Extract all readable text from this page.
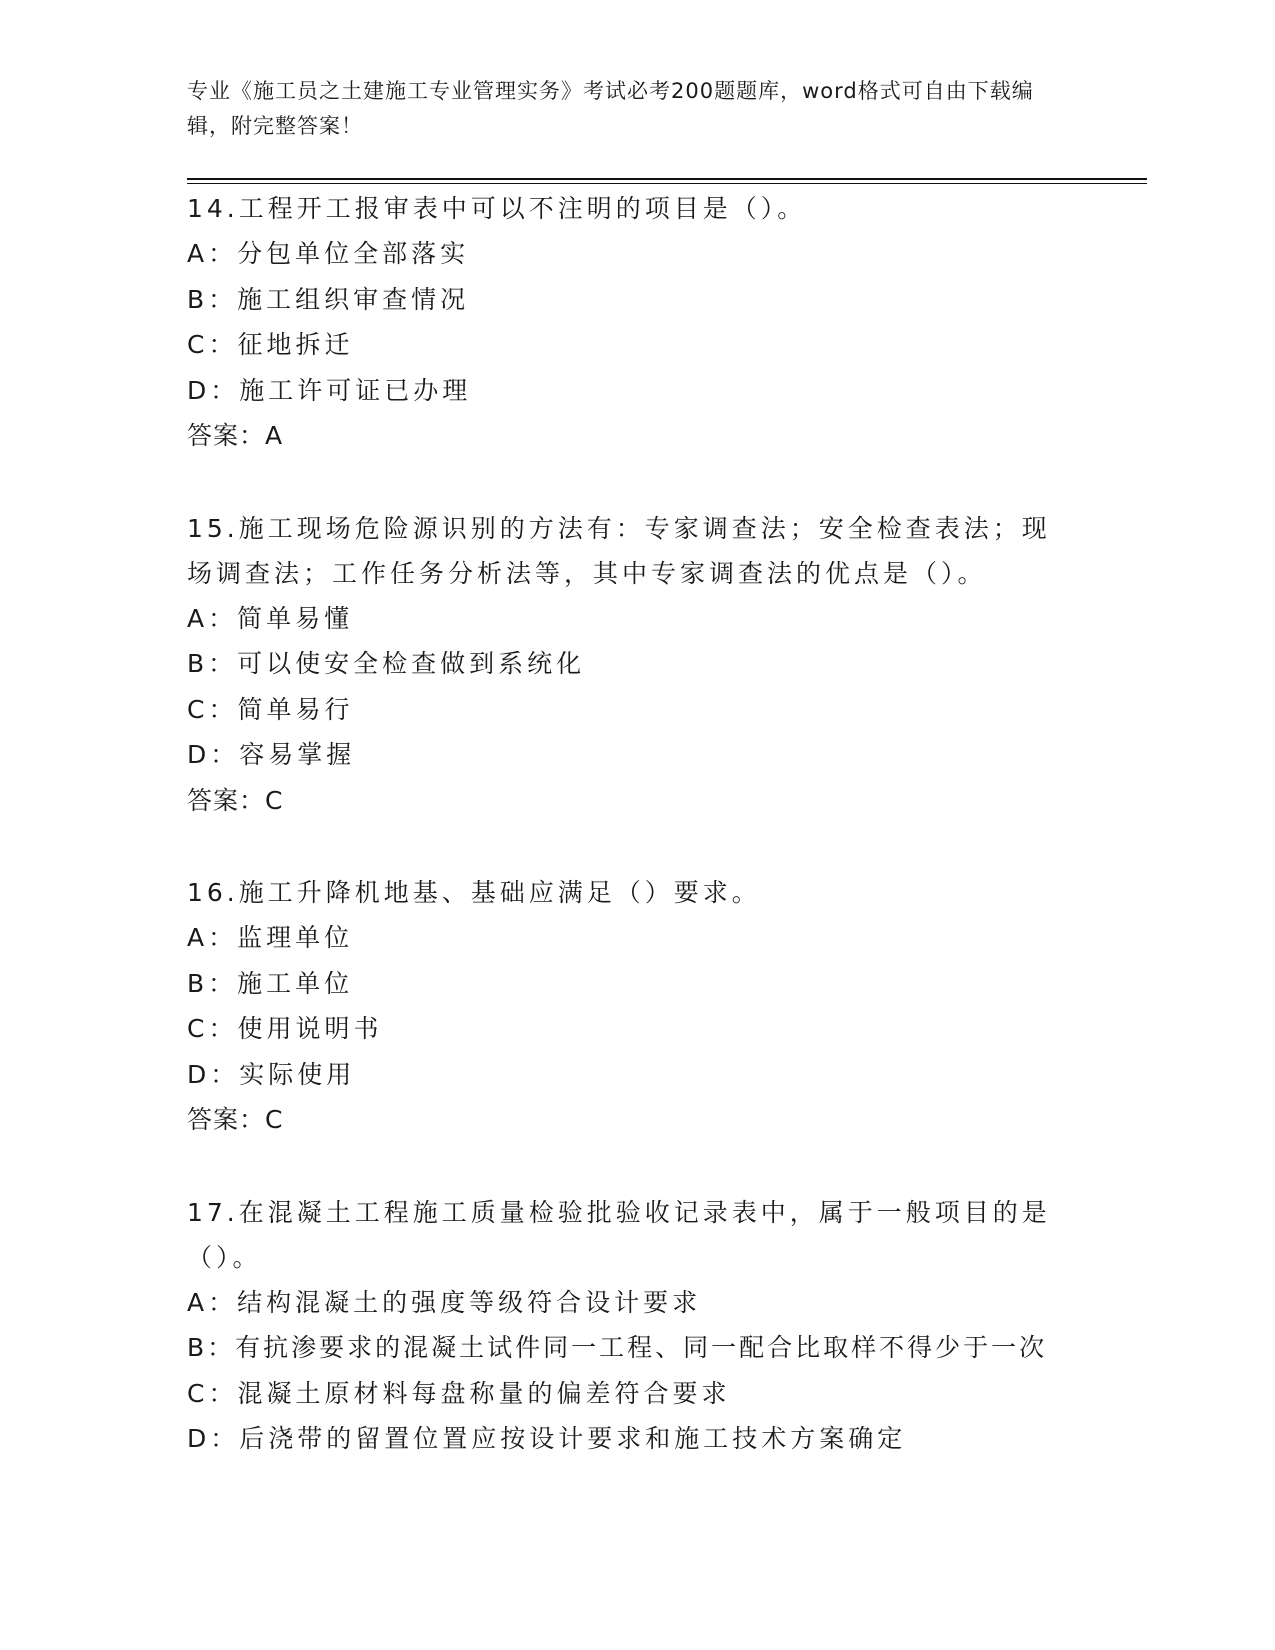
专业《施工员之土建施工专业管理实务》考试必考200题题库，word格式可自由下载编辑，附完整答案！
14.工程开工报审表中可以不注明的项目是（）。
A：分包单位全部落实
B：施工组织审查情况
C：征地拆迁
D：施工许可证已办理
答案：A
15.施工现场危险源识别的方法有：专家调查法；安全检查表法；现场调查法；工作任务分析法等，其中专家调查法的优点是（）。
A：简单易懂
B：可以使安全检查做到系统化
C：简单易行
D：容易掌握
答案：C
16.施工升降机地基、基础应满足（）要求。
A：监理单位
B：施工单位
C：使用说明书
D：实际使用
答案：C
17.在混凝土工程施工质量检验批验收记录表中，属于一般项目的是（）。
A：结构混凝土的强度等级符合设计要求
B：有抗渗要求的混凝土试件同一工程、同一配合比取样不得少于一次
C：混凝土原材料每盘称量的偏差符合要求
D：后浇带的留置位置应按设计要求和施工技术方案确定
